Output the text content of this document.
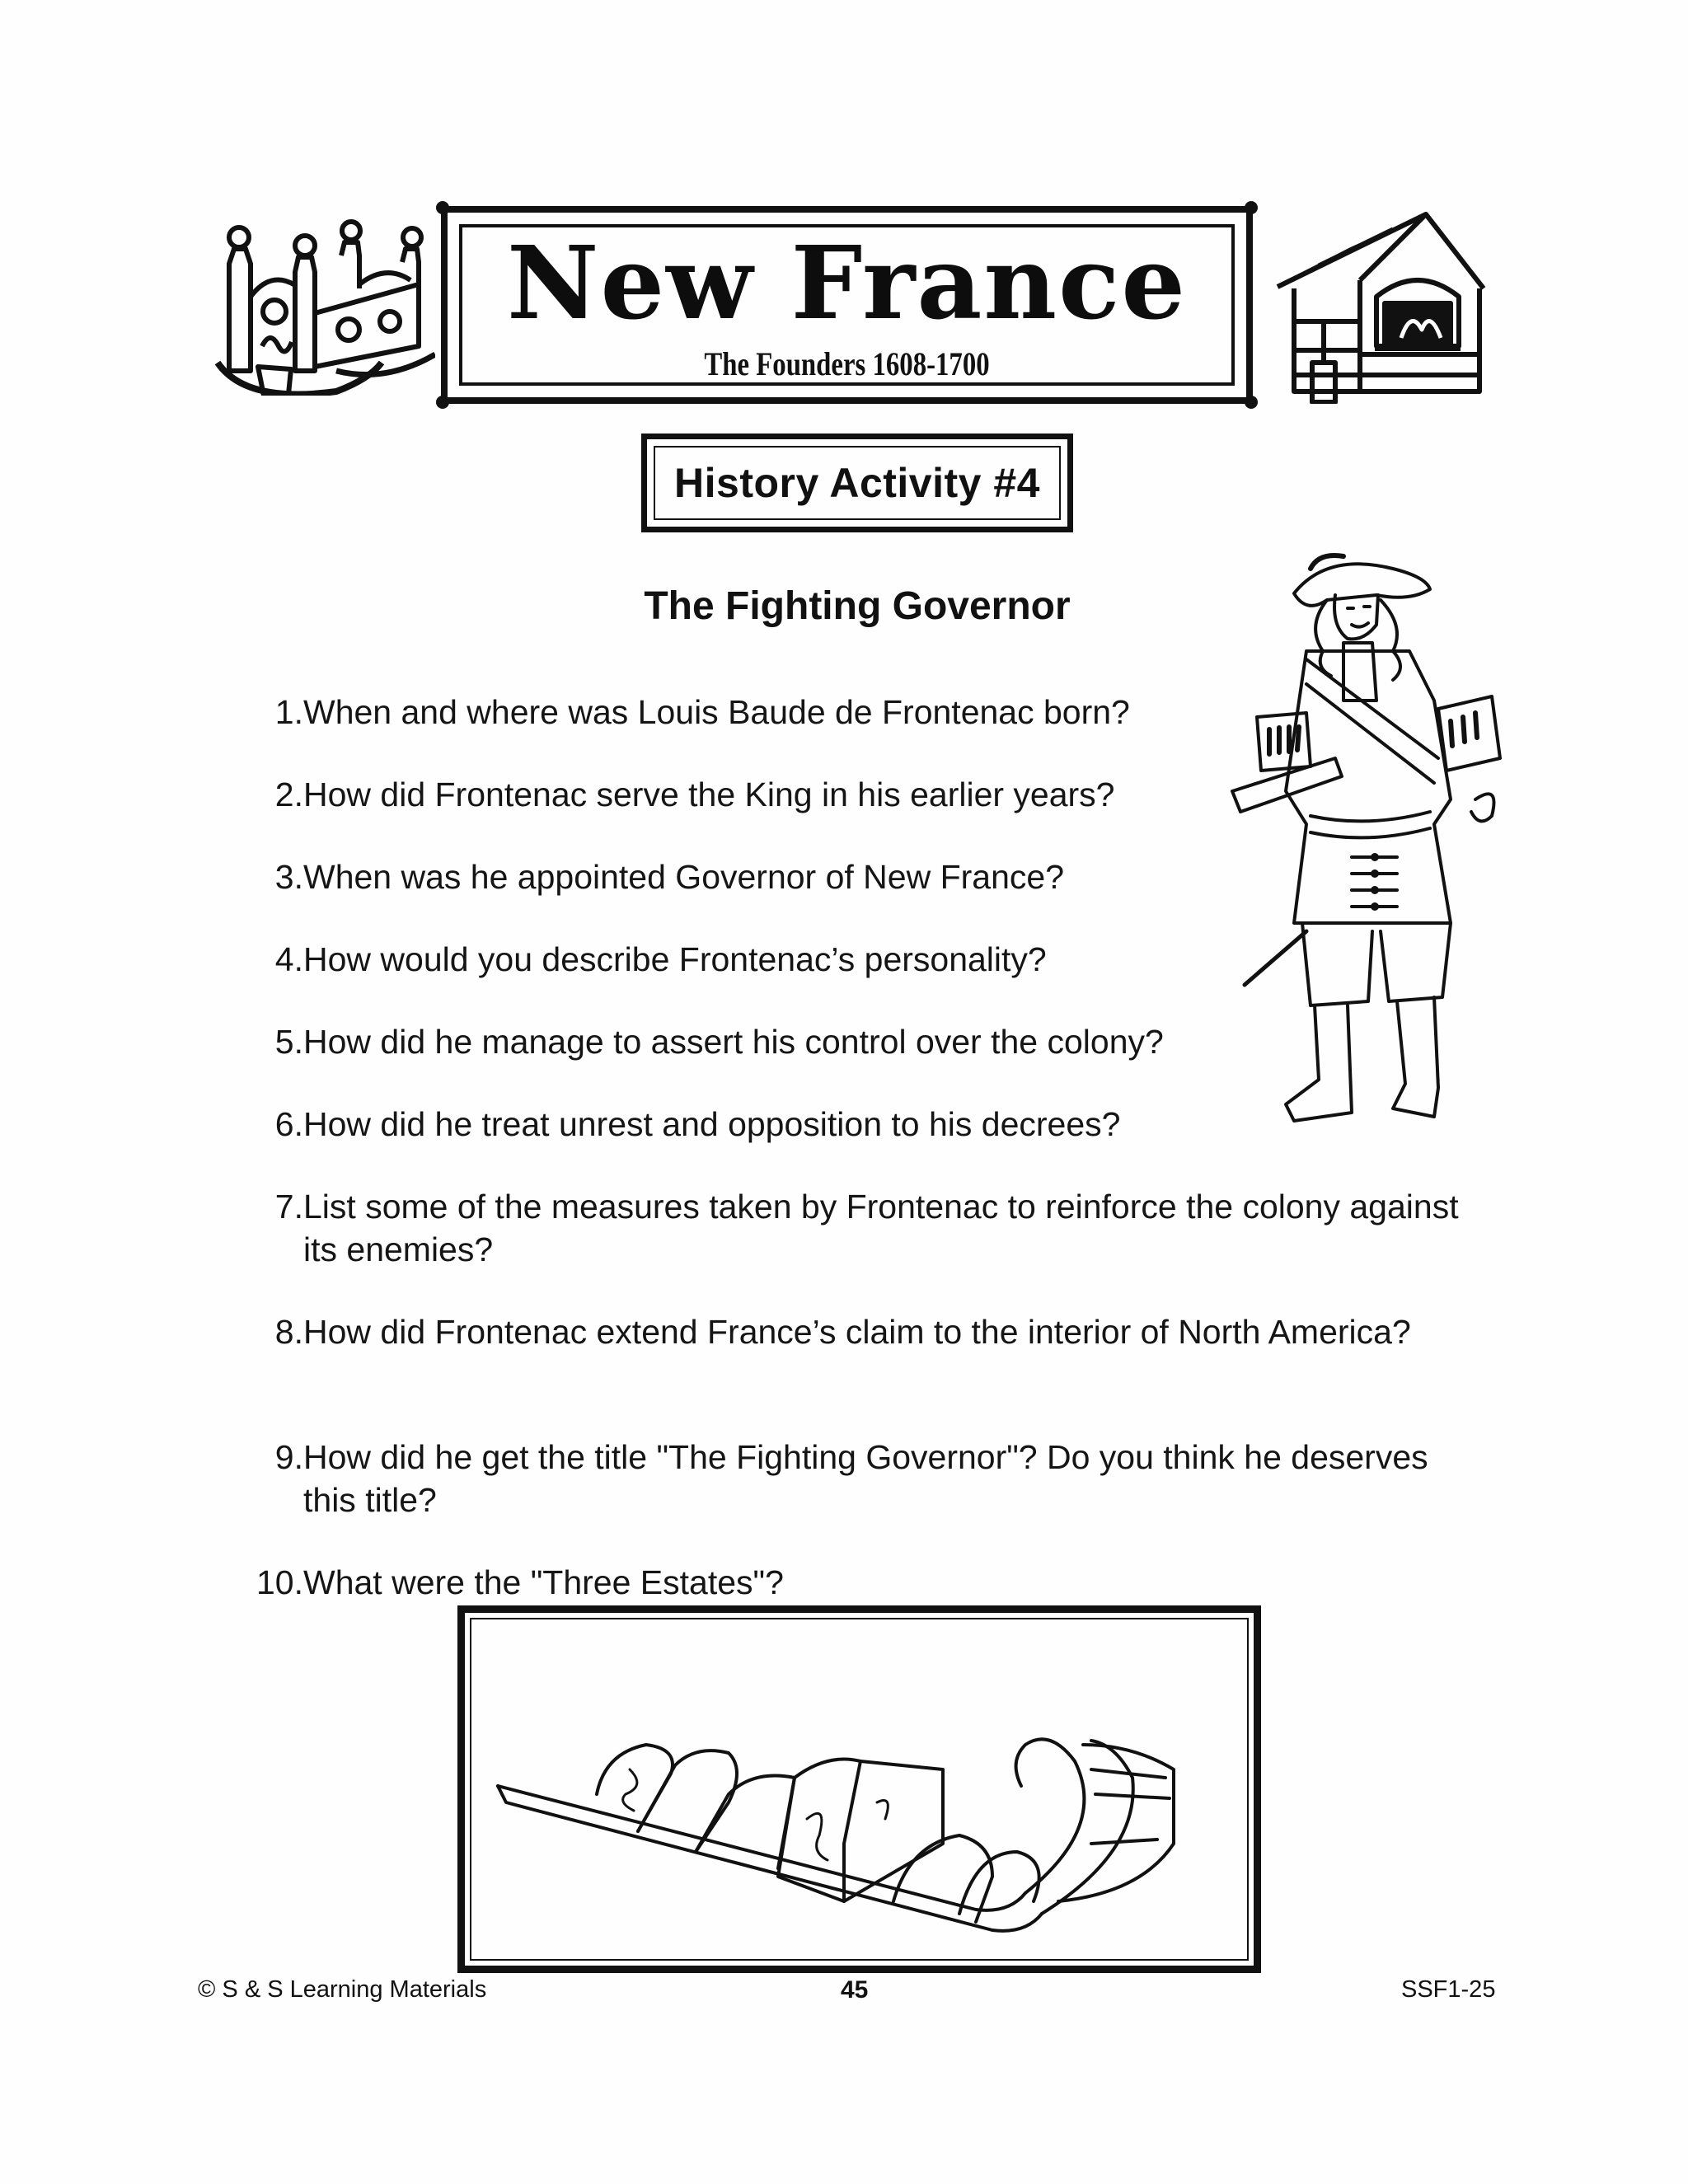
New France
The Founders 1608-1700
History Activity #4
The Fighting Governor
1. When and where was Louis Baude de Frontenac born?
2. How did Frontenac serve the King in his earlier years?
3. When was he appointed Governor of New France?
4. How would you describe Frontenac’s personality?
5. How did he manage to assert his control over the colony?
6. How did he treat unrest and opposition to his decrees?
7. List some of the measures taken by Frontenac to reinforce the colony against its enemies?
8. How did Frontenac extend France’s claim to the interior of North America?
9. How did he get the title "The Fighting Governor"? Do you think he deserves this title?
10. What were the "Three Estates"?
© S & S Learning Materials	45	SSF1-25
